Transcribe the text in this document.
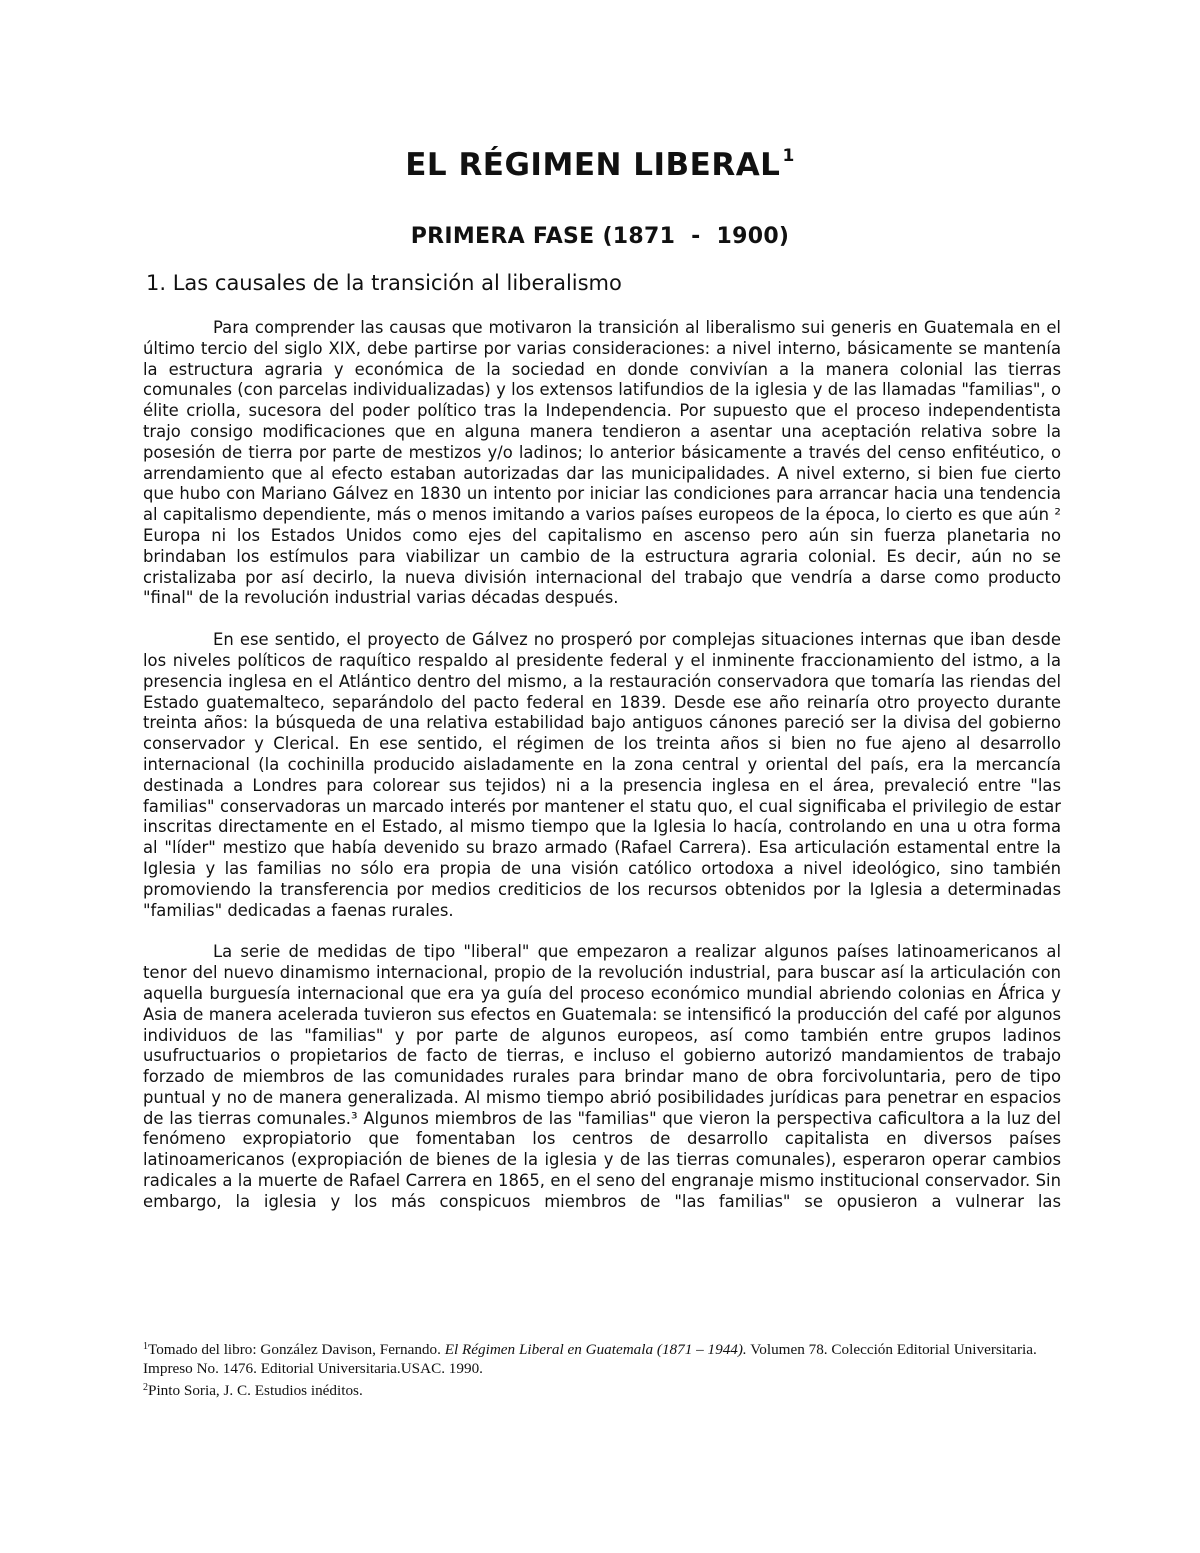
EL RÉGIMEN LIBERAL $^1$
PRIMERA FASE (1871  -  1900)
1. Las causales de la transición al liberalismo

Para comprender las causas que motivaron la transición al liberalismo sui generis en Guatemala en el último tercio del siglo XIX, debe partirse por varias consideraciones: a nivel interno, básicamente se mantenía la estructura agraria y económica de la sociedad en donde convivían a la manera colonial las tierras comunales (con parcelas individualizadas) y los extensos latifundios de la iglesia y de las llamadas "familias", o élite criolla, sucesora del poder político tras la Independencia. Por supuesto que el proceso independentista trajo consigo modificaciones que en alguna manera tendieron a asentar una aceptación relativa sobre la posesión de tierra por parte de mestizos y/o ladinos; lo anterior básicamente a través del censo enfitéutico, o arrendamiento que al efecto estaban autorizadas dar las municipalidades. A nivel externo, si bien fue cierto que hubo con Mariano Gálvez en 1830 un intento por iniciar las condiciones para arrancar hacia una tendencia al capitalismo dependiente, más o menos imitando a varios países europeos de la época, lo cierto es que aún ² Europa ni los Estados Unidos como ejes del capitalismo en ascenso pero aún sin fuerza planetaria no brindaban los estímulos para viabilizar un cambio de la estructura agraria colonial. Es decir, aún no se cristalizaba por así decirlo, la nueva división internacional del trabajo que vendría a darse como producto "final" de la revolución industrial varias décadas después.

En ese sentido, el proyecto de Gálvez no prosperó por complejas situaciones internas que iban desde los niveles políticos de raquítico respaldo al presidente federal y el inminente fraccionamiento del istmo, a la presencia inglesa en el Atlántico dentro del mismo, a la restauración conservadora que tomaría las riendas del Estado guatemalteco, separándolo del pacto federal en 1839. Desde ese año reinaría otro proyecto durante treinta años: la búsqueda de una relativa estabilidad bajo antiguos cánones pareció ser la divisa del gobierno conservador y Clerical. En ese sentido, el régimen de los treinta años si bien no fue ajeno al desarrollo internacional (la cochinilla producido aisladamente en la zona central y oriental del país, era la mercancía destinada a Londres para colorear sus tejidos) ni a la presencia inglesa en el área, prevaleció entre "las familias" conservadoras un marcado interés por mantener el statu quo, el cual significaba el privilegio de estar inscritas directamente en el Estado, al mismo tiempo que la Iglesia lo hacía, controlando en una u otra forma al "líder" mestizo que había devenido su brazo armado (Rafael Carrera). Esa articulación estamental entre la Iglesia y las familias no sólo era propia de una visión católico ortodoxa a nivel ideológico, sino también promoviendo la transferencia por medios crediticios de los recursos obtenidos por la Iglesia a determinadas "familias" dedicadas a faenas rurales.

La serie de medidas de tipo "liberal" que empezaron a realizar algunos países latinoamericanos al tenor del nuevo dinamismo internacional, propio de la revolución industrial, para buscar así la articulación con aquella burguesía internacional que era ya guía del proceso económico mundial abriendo colonias en África y Asia de manera acelerada tuvieron sus efectos en Guatemala: se intensificó la producción del café por algunos individuos de las "familias" y por parte de algunos europeos, así como también entre grupos ladinos usufructuarios o propietarios de facto de tierras, e incluso el gobierno autorizó mandamientos de trabajo forzado de miembros de las comunidades rurales para brindar mano de obra forcivoluntaria, pero de tipo puntual y no de manera generalizada. Al mismo tiempo abrió posibilidades jurídicas para penetrar en espacios de las tierras comunales.³ Algunos miembros de las "familias" que vieron la perspectiva caficultora a la luz del fenómeno expropiatorio que fomentaban los centros de desarrollo capitalista en diversos países latinoamericanos (expropiación de bienes de la iglesia y de las tierras comunales), esperaron operar cambios radicales a la muerte de Rafael Carrera en 1865, en el seno del engranaje mismo institucional conservador. Sin embargo, la iglesia y los más conspicuos miembros de "las familias" se opusieron a vulnerar las

$^1$Tomado del libro: González Davison, Fernando. El Régimen Liberal en Guatemala (1871 – 1944). Volumen 78. Colección Editorial Universitaria. Impreso No. 1476. Editorial Universitaria.USAC. 1990.
$^2$Pinto Soria, J. C. Estudios inéditos.
